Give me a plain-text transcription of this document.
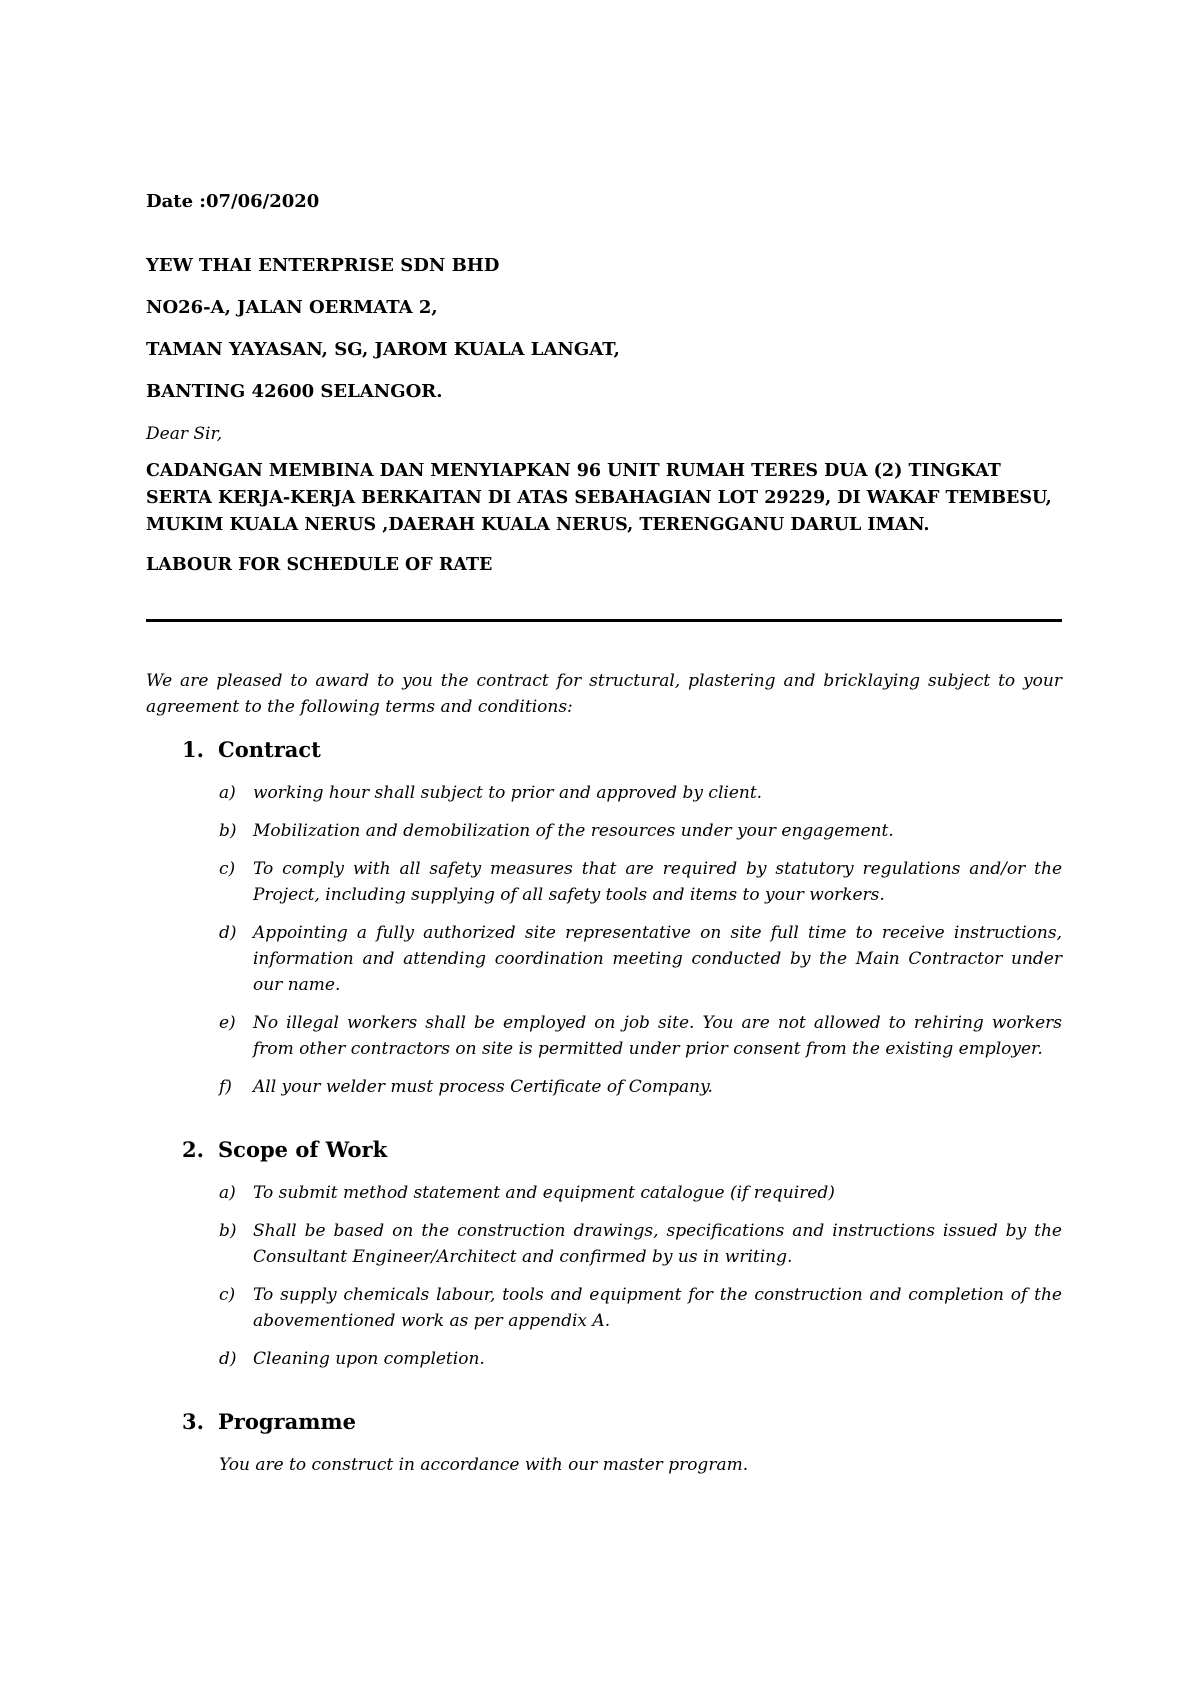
Date :07/06/2020

YEW THAI ENTERPRISE SDN BHD

NO26-A, JALAN OERMATA 2,

TAMAN YAYASAN, SG, JAROM KUALA LANGAT,

BANTING 42600 SELANGOR.

Dear Sir,

CADANGAN MEMBINA DAN MENYIAPKAN 96 UNIT RUMAH TERES DUA (2) TINGKAT
SERTA KERJA-KERJA BERKAITAN DI ATAS SEBAHAGIAN LOT 29229, DI WAKAF TEMBESU,
MUKIM KUALA NERUS ,DAERAH KUALA NERUS, TERENGGANU DARUL IMAN.

LABOUR FOR SCHEDULE OF RATE

We are pleased to award to you the contract for structural, plastering and bricklaying subject to your agreement to the following terms and conditions:

1. Contract
a)	working hour shall subject to prior and approved by client.
b) Mobilization and demobilization of the resources under your engagement.
c)	To comply with all safety measures that are required by statutory regulations and/or the Project, including supplying of all safety tools and items to your workers.
d) Appointing a fully authorized site representative on site full time to receive instructions, information and attending coordination meeting conducted by the Main Contractor under our name.
e)	No illegal workers shall be employed on job site. You are not allowed to rehiring workers from other contractors on site is permitted under prior consent from the existing employer.
f)	All your welder must process Certificate of Company.
2. Scope of Work
a)	To submit method statement and equipment catalogue (if required)
b) Shall be based on the construction drawings, specifications and instructions issued by the Consultant Engineer/Architect and confirmed by us in writing.
c)	To supply chemicals labour, tools and equipment for the construction and completion of the abovementioned work as per appendix A.
d) Cleaning upon completion.
3. Programme

You are to construct in accordance with our master program.
